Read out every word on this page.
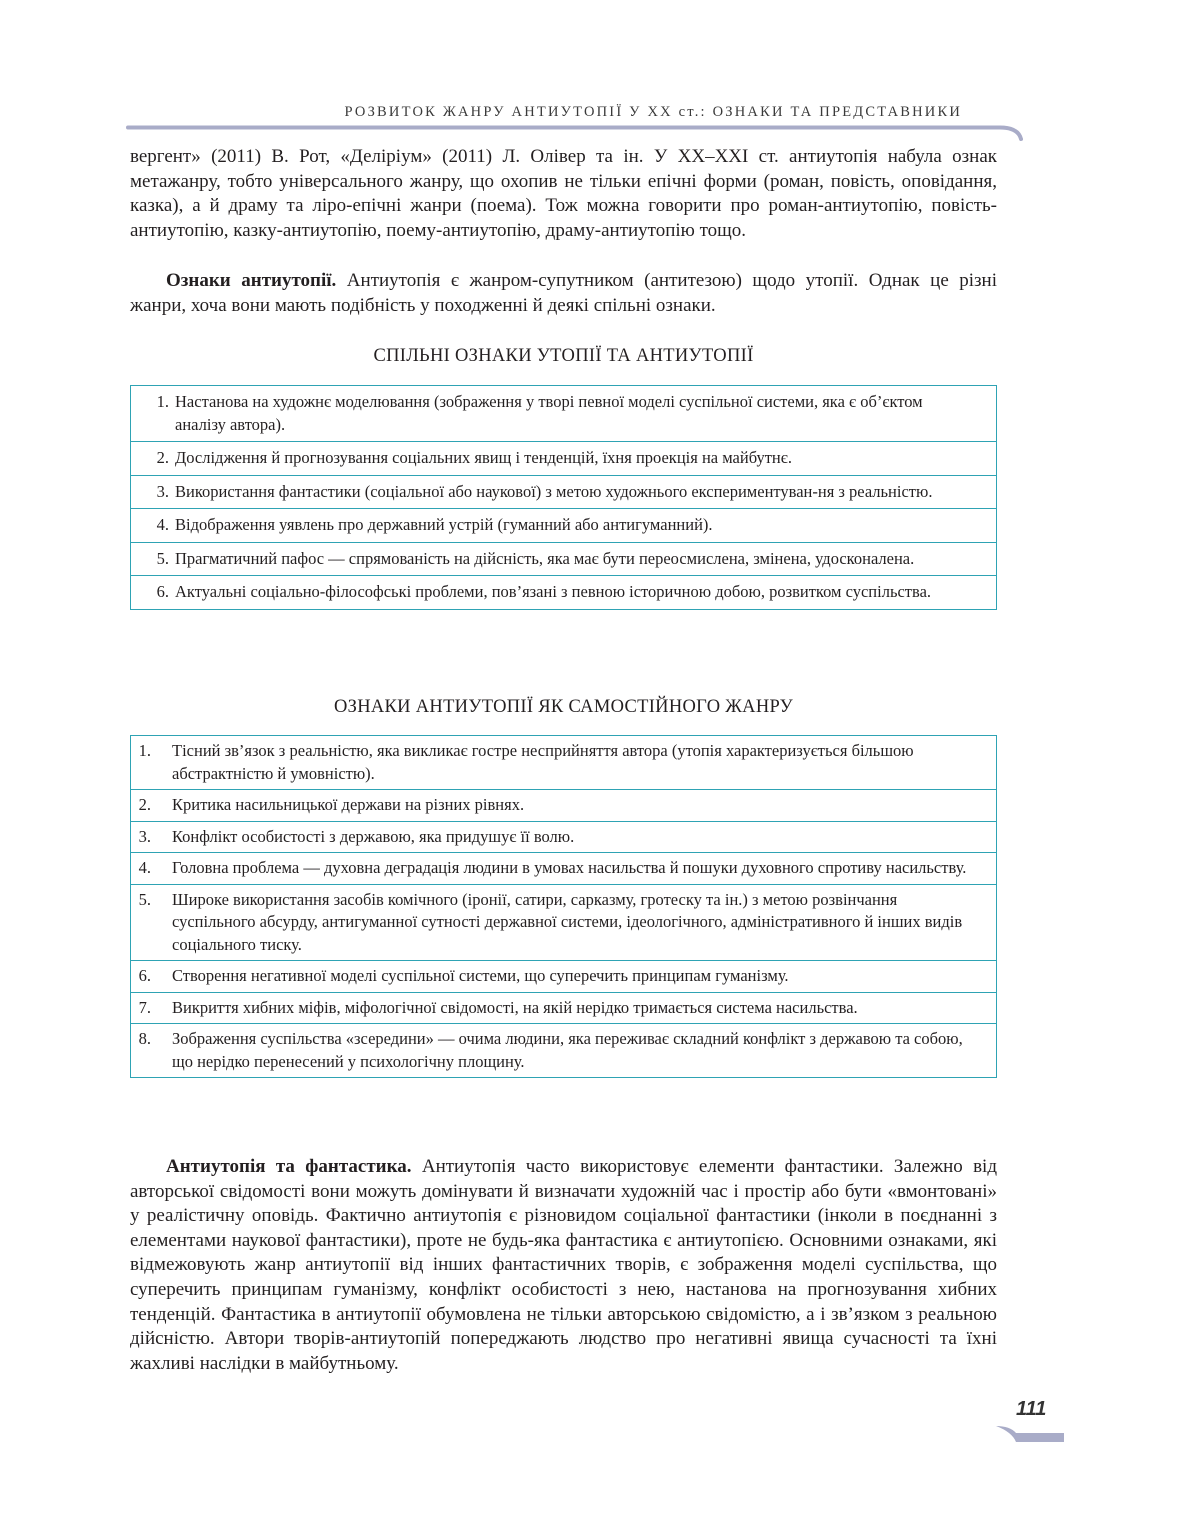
РОЗВИТОК ЖАНРУ АНТИУТОПІЇ У XX ст.: ОЗНАКИ ТА ПРЕДСТАВНИКИ

вергент» (2011) В. Рот, «Деліріум» (2011) Л. Олівер та ін. У XX–XXI ст. антиутопія набула ознак метажанру, тобто універсального жанру, що охопив не тільки епічні форми (роман, повість, оповідання, казка), а й драму та ліро-епічні жанри (поема). Тож можна говорити про роман-антиутопію, повість-антиутопію, казку-антиутопію, поему-антиутопію, драму-антиутопію тощо.

Ознаки антиутопії. Антиутопія є жанром-супутником (антитезою) щодо утопії. Однак це різні жанри, хоча вони мають подібність у походженні й деякі спільні ознаки.

СПІЛЬНІ ОЗНАКИ УТОПІЇ ТА АНТИУТОПІЇ
1. Настанова на художнє моделювання (зображення у творі певної моделі суспільної системи, яка є об’єктом аналізу автора).

2. Дослідження й прогнозування соціальних явищ і тенденцій, їхня проекція на майбутнє.

3. Використання фантастики (соціальної або наукової) з метою художнього експериментуван-ня з реальністю.

4. Відображення уявлень про державний устрій (гуманний або антигуманний).

5. Прагматичний пафос — спрямованість на дійсність, яка має бути переосмислена, змінена, удосконалена.

6. Актуальні соціально-філософські проблеми, пов’язані з певною історичною добою, розвитком суспільства.
ОЗНАКИ АНТИУТОПІЇ ЯК САМОСТІЙНОГО ЖАНРУ
1.	Тісний зв’язок з реальністю, яка викликає гостре несприйняття автора (утопія характеризується більшою абстрактністю й умовністю).

2.	Критика насильницької держави на різних рівнях.

3.	Конфлікт особистості з державою, яка придушує її волю.

4.	Головна проблема — духовна деградація людини в умовах насильства й пошуки духовного спротиву насильству.

5.	Широке використання засобів комічного (іронії, сатири, сарказму, гротеску та ін.) з метою розвінчання суспільного абсурду, антигуманної сутності державної системи, ідеологічного, адміністративного й інших видів соціального тиску.

6.	Створення негативної моделі суспільної системи, що суперечить принципам гуманізму.

7.	Викриття хибних міфів, міфологічної свідомості, на якій нерідко тримається система насильства.

8.	Зображення суспільства «зсередини» — очима людини, яка переживає складний конфлікт з державою та собою, що нерідко перенесений у психологічну площину.

Антиутопія та фантастика. Антиутопія часто використовує елементи фантастики. Залежно від авторської свідомості вони можуть домінувати й визначати художній час і простір або бути «вмонтовані» у реалістичну оповідь. Фактично антиутопія є різновидом соціальної фантастики (інколи в поєднанні з елементами наукової фантастики), проте не будь-яка фантастика є антиутопією. Основними ознаками, які відмежовують жанр антиутопії від інших фантастичних творів, є зображення моделі суспільства, що суперечить принципам гуманізму, конфлікт особистості з нею, настанова на прогнозування хибних тенденцій. Фантастика в антиутопії обумовлена не тільки авторською свідомістю, а і зв’язком з реальною дійсністю. Автори творів-антиутопій попереджають людство про негативні явища сучасності та їхні жахливі наслідки в майбутньому.

111
